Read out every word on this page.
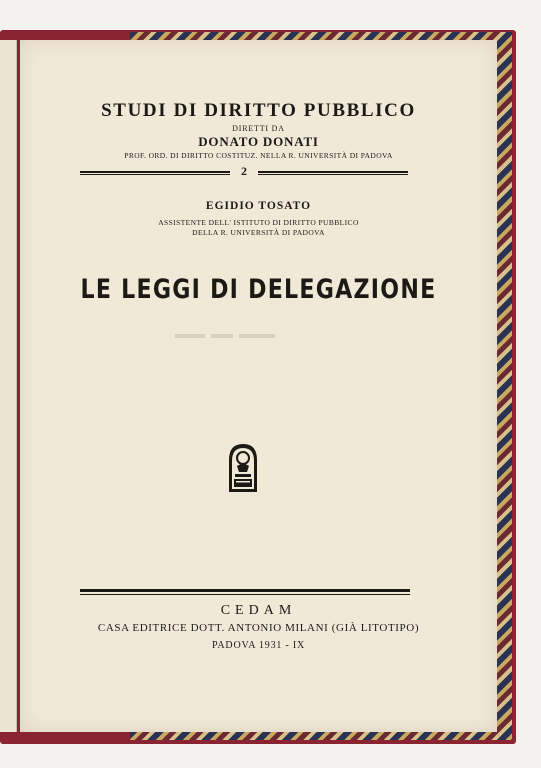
STUDI DI DIRITTO PUBBLICO
DIRETTI DA
DONATO DONATI
PROF. ORD. DI DIRITTO COSTITUZ. NELLA R. UNIVERSITÀ DI PADOVA
2
EGIDIO TOSATO
ASSISTENTE DELL' ISTITUTO DI DIRITTO PUBBLICO
DELLA R. UNIVERSITÀ DI PADOVA
LE LEGGI DI DELEGAZIONE
CEDAM
CASA EDITRICE DOTT. ANTONIO MILANI (GIÀ LITOTIPO)
PADOVA 1931 - IX
